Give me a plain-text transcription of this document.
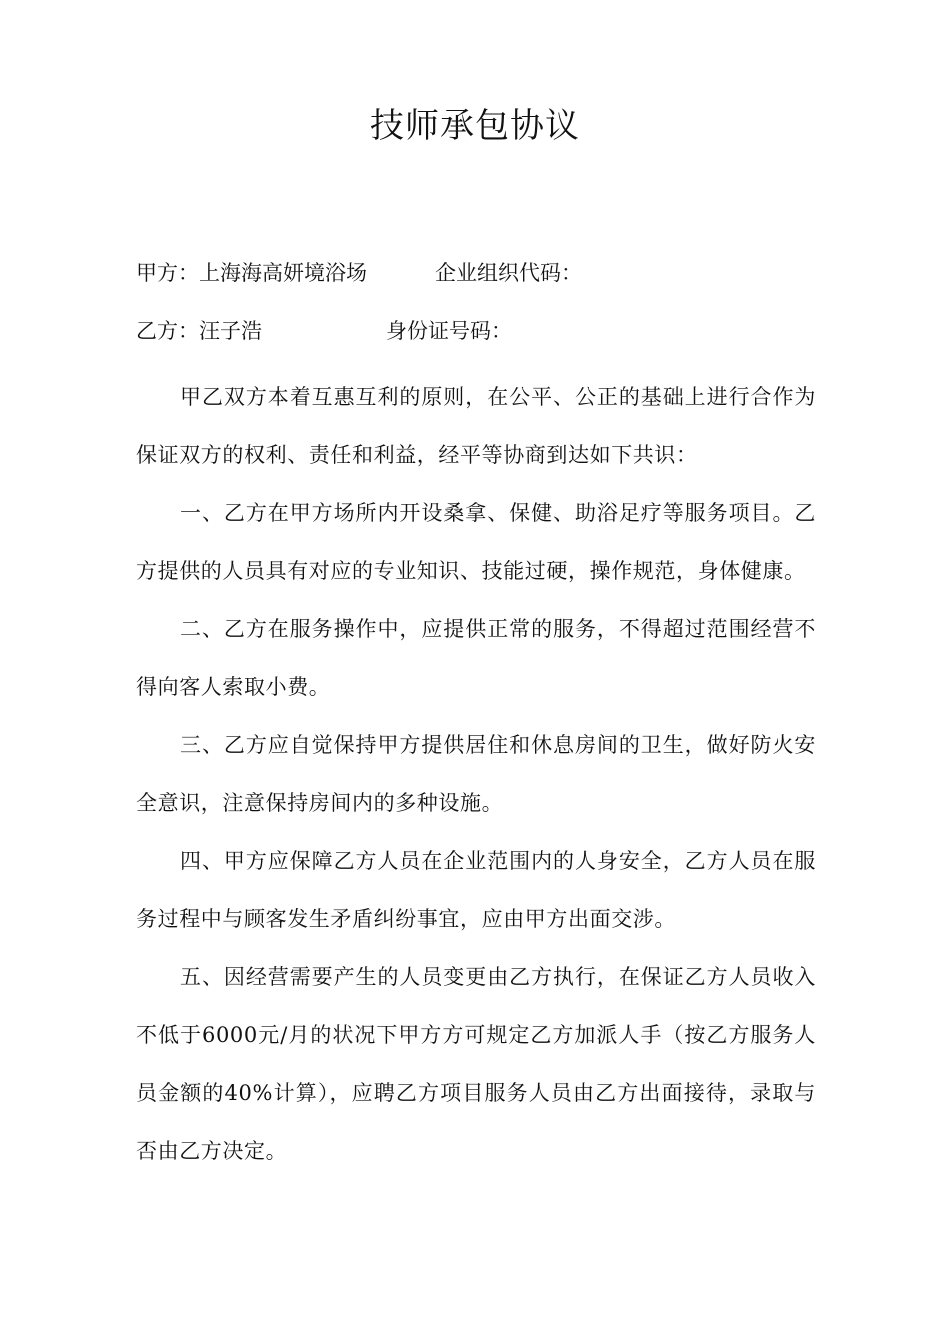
技师承包协议
甲方：上海海高妍境浴场	企业组织代码：
乙方：汪子浩	身份证号码：

甲乙双方本着互惠互利的原则，在公平、公正的基础上进行合作为保证双方的权利、责任和利益，经平等协商到达如下共识：

一、乙方在甲方场所内开设桑拿、保健、助浴足疗等服务项目。乙方提供的人员具有对应的专业知识、技能过硬，操作规范，身体健康。

二、乙方在服务操作中，应提供正常的服务，不得超过范围经营不得向客人索取小费。

三、乙方应自觉保持甲方提供居住和休息房间的卫生，做好防火安全意识，注意保持房间内的多种设施。

四、甲方应保障乙方人员在企业范围内的人身安全，乙方人员在服务过程中与顾客发生矛盾纠纷事宜，应由甲方出面交涉。

五、因经营需要产生的人员变更由乙方执行，在保证乙方人员收入不低于6000元/月的状况下甲方方可规定乙方加派人手（按乙方服务人员金额的40%计算），应聘乙方项目服务人员由乙方出面接待，录取与否由乙方决定。
